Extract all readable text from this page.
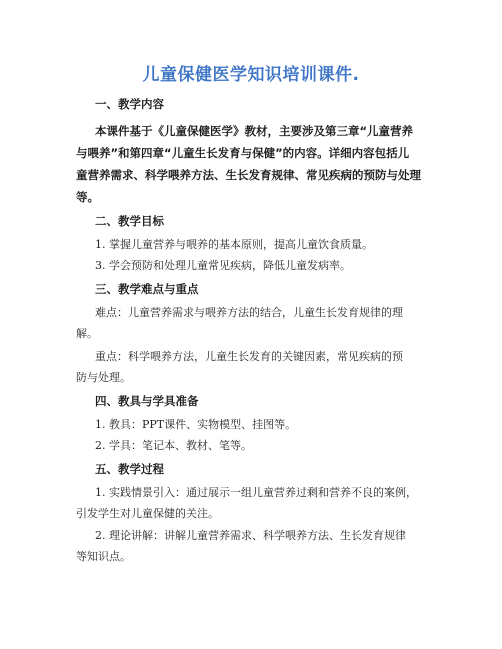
儿童保健医学知识培训课件.
一、教学内容
本课件基于《儿童保健医学》教材，主要涉及第三章“儿童营养
与喂养”和第四章“儿童生长发育与保健”的内容。详细内容包括儿
童营养需求、科学喂养方法、生长发育规律、常见疾病的预防与处理
等。
二、教学目标
1. 掌握儿童营养与喂养的基本原则，提高儿童饮食质量。
3. 学会预防和处理儿童常见疾病，降低儿童发病率。
三、教学难点与重点
难点：儿童营养需求与喂养方法的结合，儿童生长发育规律的理
解。
重点：科学喂养方法，儿童生长发育的关键因素，常见疾病的预
防与处理。
四、教具与学具准备
1. 教具：PPT课件、实物模型、挂图等。
2. 学具：笔记本、教材、笔等。
五、教学过程
1. 实践情景引入：通过展示一组儿童营养过剩和营养不良的案例，
引发学生对儿童保健的关注。
2. 理论讲解：讲解儿童营养需求、科学喂养方法、生长发育规律
等知识点。
